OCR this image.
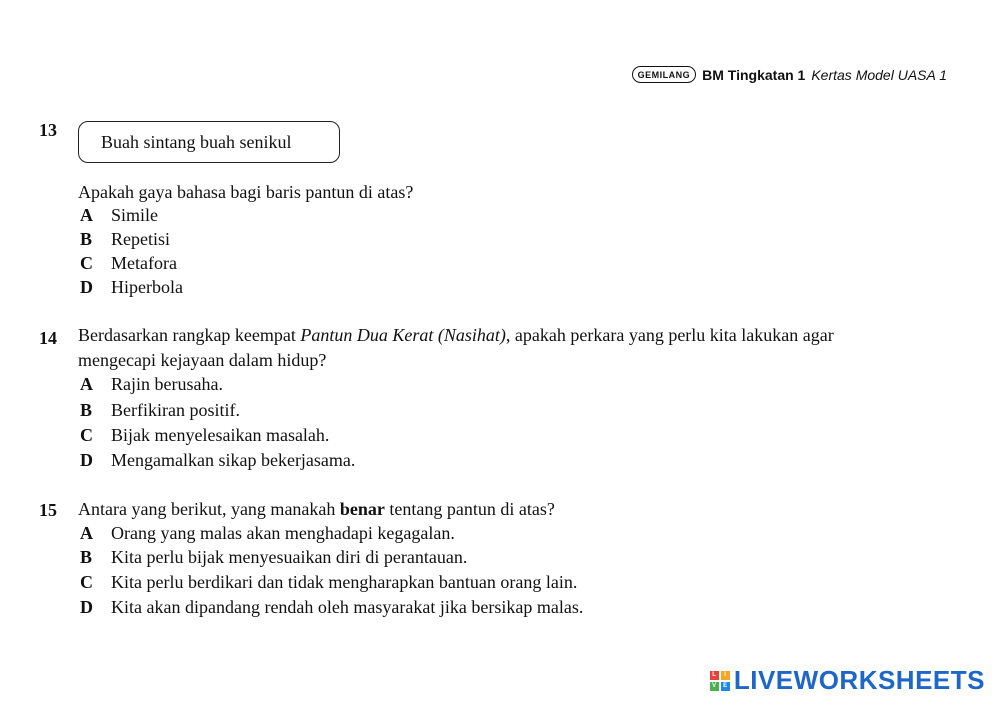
GEMILANG BM Tingkatan 1 Kertas Model UASA 1
13
Buah sintang buah senikul
Apakah gaya bahasa bagi baris pantun di atas?
A Simile
B Repetisi
C Metafora
D Hiperbola
14 Berdasarkan rangkap keempat Pantun Dua Kerat (Nasihat), apakah perkara yang perlu kita lakukan agar
mengecapi kejayaan dalam hidup?
A Rajin berusaha.
B Berfikiran positif.
C Bijak menyelesaikan masalah.
D Mengamalkan sikap bekerjasama.
15 Antara yang berikut, yang manakah benar tentang pantun di atas?
A Orang yang malas akan menghadapi kegagalan.
B Kita perlu bijak menyesuaikan diri di perantauan.
C Kita perlu berdikari dan tidak mengharapkan bantuan orang lain.
D Kita akan dipandang rendah oleh masyarakat jika bersikap malas.
L	I
V	E LIVEWORKSHEETS
